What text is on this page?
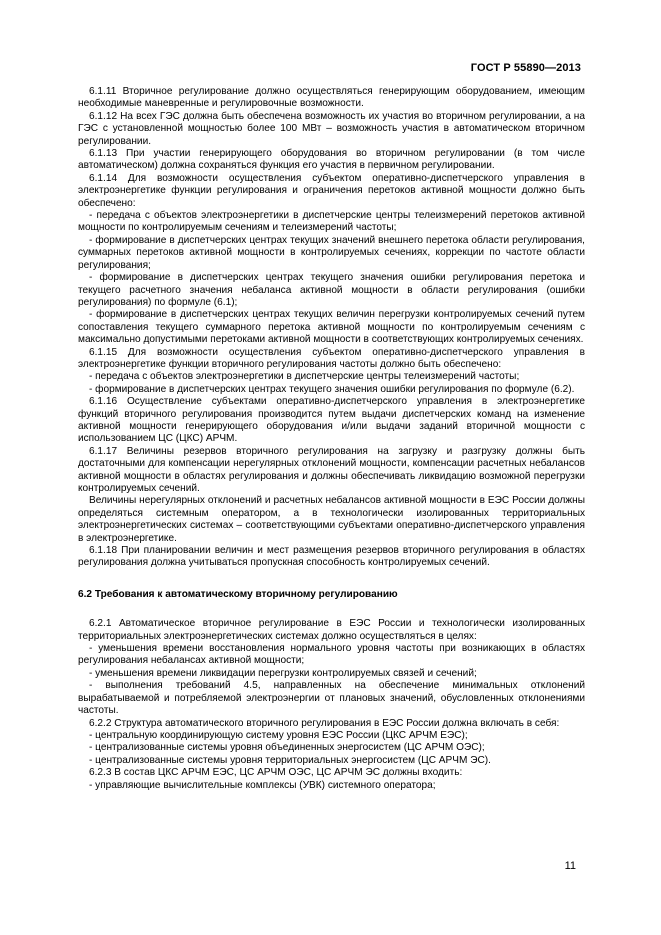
ГОСТ Р 55890—2013

6.1.11 Вторичное регулирование должно осуществляться генерирующим оборудованием, имеющим необходимые маневренные и регулировочные возможности.

6.1.12 На всех ГЭС должна быть обеспечена возможность их участия во вторичном регулировании, а на ГЭС с установленной мощностью более 100 МВт – возможность участия в автоматическом вторичном регулировании.

6.1.13 При участии генерирующего оборудования во вторичном регулировании (в том числе автоматическом) должна сохраняться функция его участия в первичном регулировании.

6.1.14 Для возможности осуществления субъектом оперативно-диспетчерского управления в электроэнергетике функции регулирования и ограничения перетоков активной мощности должно быть обеспечено:

- передача с объектов электроэнергетики в диспетчерские центры телеизмерений перетоков активной мощности по контролируемым сечениям и телеизмерений частоты;

- формирование в диспетчерских центрах текущих значений внешнего перетока области регулирования, суммарных перетоков активной мощности в контролируемых сечениях, коррекции по частоте области регулирования;

- формирование в диспетчерских центрах текущего значения ошибки регулирования перетока и текущего расчетного значения небаланса активной мощности в области регулирования (ошибки регулирования) по формуле (6.1);

- формирование в диспетчерских центрах текущих величин перегрузки контролируемых сечений путем сопоставления текущего суммарного перетока активной мощности по контролируемым сечениям с максимально допустимыми перетоками активной мощности в соответствующих контролируемых сечениях.

6.1.15 Для возможности осуществления субъектом оперативно-диспетчерского управления в электроэнергетике функции вторичного регулирования частоты должно быть обеспечено:

- передача с объектов электроэнергетики в диспетчерские центры телеизмерений частоты;

- формирование в диспетчерских центрах текущего значения ошибки регулирования по формуле (6.2).

6.1.16 Осуществление субъектами оперативно-диспетчерского управления в электроэнергетике функций вторичного регулирования производится путем выдачи диспетчерских команд на изменение активной мощности генерирующего оборудования и/или выдачи заданий вторичной мощности с использованием ЦС (ЦКС) АРЧМ.

6.1.17 Величины резервов вторичного регулирования на загрузку и разгрузку должны быть достаточными для компенсации нерегулярных отклонений мощности, компенсации расчетных небалансов активной мощности в областях регулирования и должны обеспечивать ликвидацию возможной перегрузки контролируемых сечений.

Величины нерегулярных отклонений и расчетных небалансов активной мощности в ЕЭС России должны определяться системным оператором, а в технологически изолированных территориальных электроэнергетических системах – соответствующими субъектами оперативно-диспетчерского управления в электроэнергетике.

6.1.18 При планировании величин и мест размещения резервов вторичного регулирования в областях регулирования должна учитываться пропускная способность контролируемых сечений.

6.2 Требования к автоматическому вторичному регулированию

6.2.1 Автоматическое вторичное регулирование в ЕЭС России и технологически изолированных территориальных электроэнергетических системах должно осуществляться в целях:

- уменьшения времени восстановления нормального уровня частоты при возникающих в областях регулирования небалансах активной мощности;

- уменьшения времени ликвидации перегрузки контролируемых связей и сечений;

- выполнения требований 4.5, направленных на обеспечение минимальных отклонений вырабатываемой и потребляемой электроэнергии от плановых значений, обусловленных отклонениями частоты.

6.2.2 Структура автоматического вторичного регулирования в ЕЭС России должна включать в себя:

- центральную координирующую систему уровня ЕЭС России (ЦКС АРЧМ ЕЭС);

- централизованные системы уровня объединенных энергосистем (ЦС АРЧМ ОЭС);

- централизованные системы уровня территориальных энергосистем (ЦС АРЧМ ЭС).

6.2.3 В состав ЦКС АРЧМ ЕЭС, ЦС АРЧМ ОЭС, ЦС АРЧМ ЭС должны входить:

- управляющие вычислительные комплексы (УВК) системного оператора;

11
